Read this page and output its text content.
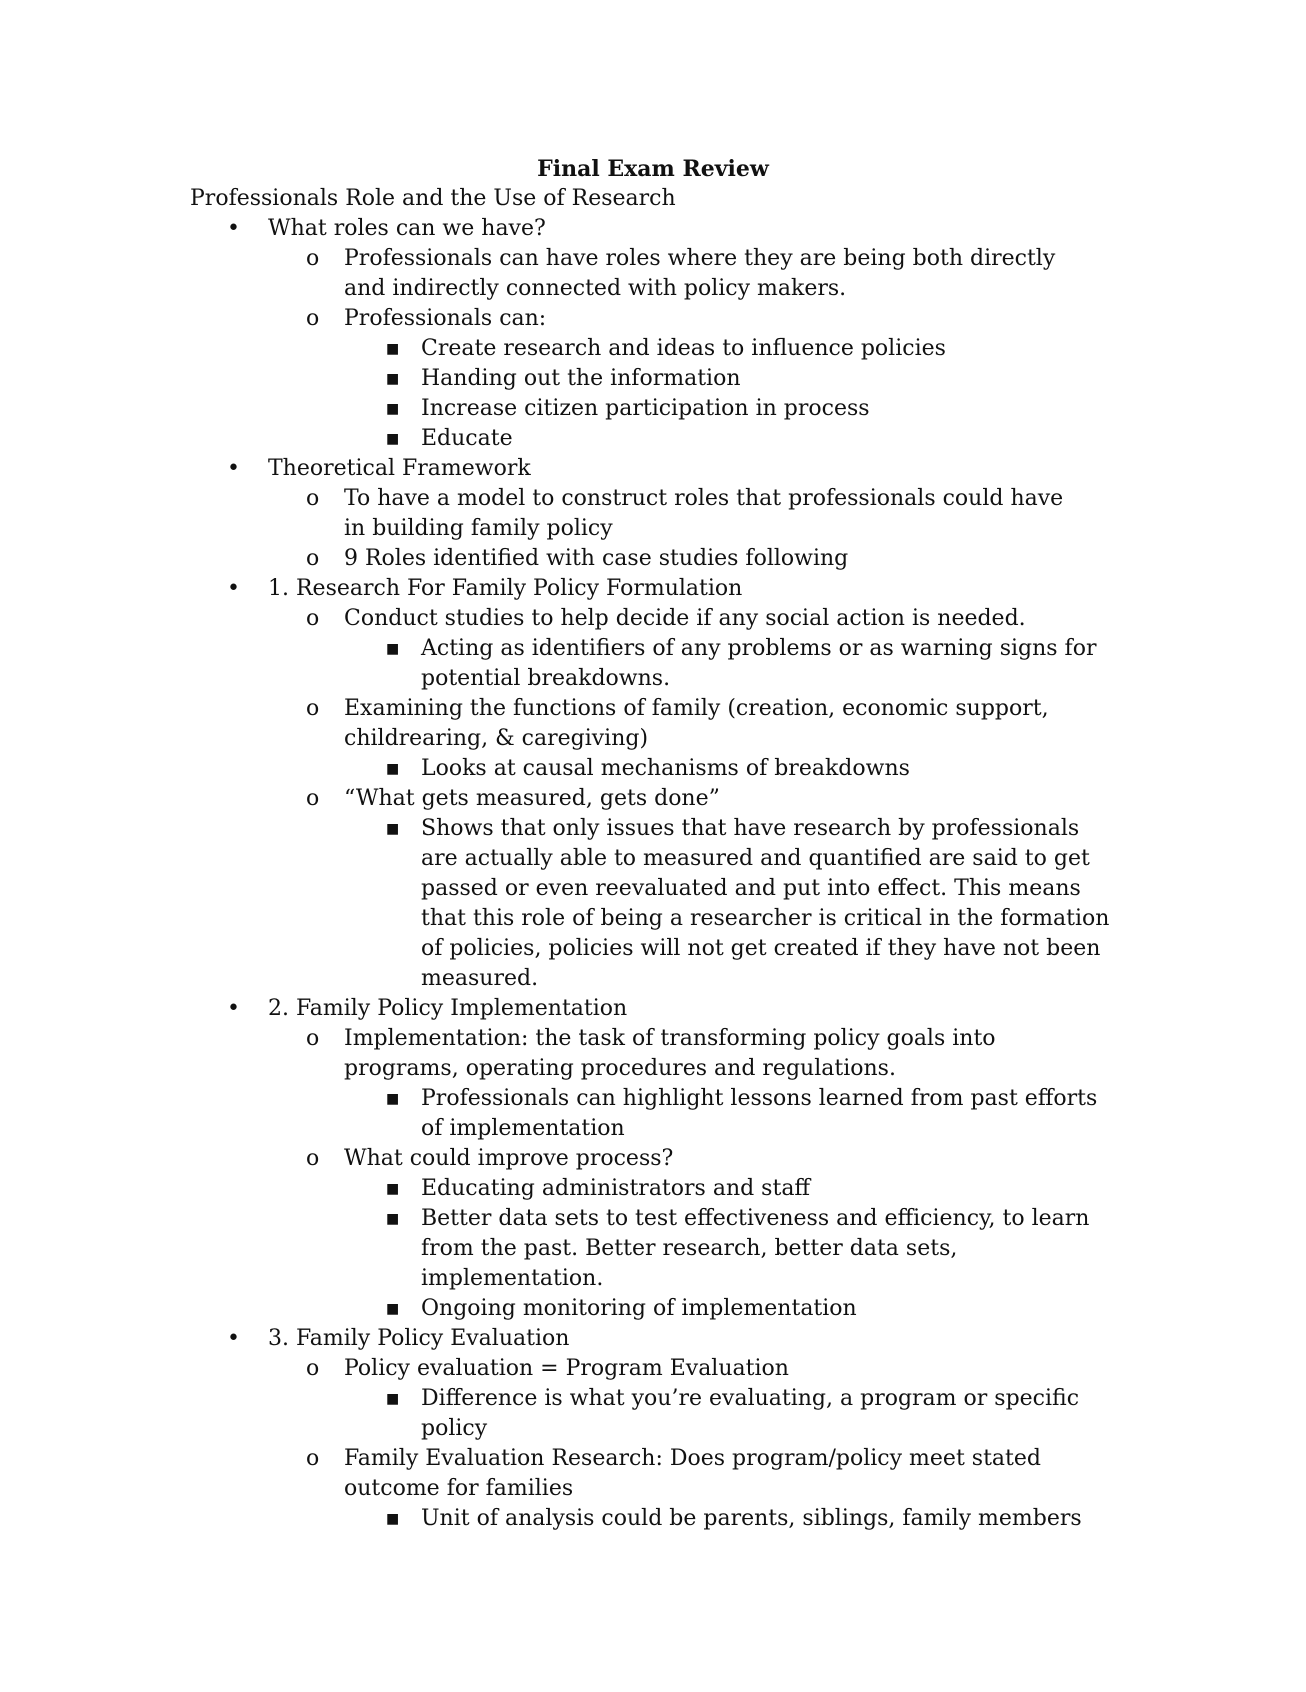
Final Exam Review
Professionals Role and the Use of Research
• What roles can we have?
o Professionals can have roles where they are being both directly and indirectly connected with policy makers.
o Professionals can:
■ Create research and ideas to influence policies
■ Handing out the information
■ Increase citizen participation in process
■ Educate
• Theoretical Framework
o To have a model to construct roles that professionals could have in building family policy
o 9 Roles identified with case studies following
• 1. Research For Family Policy Formulation
o Conduct studies to help decide if any social action is needed.
■ Acting as identifiers of any problems or as warning signs for potential breakdowns.
o Examining the functions of family (creation, economic support, childrearing, & caregiving)
■ Looks at causal mechanisms of breakdowns
o “What gets measured, gets done”
■ Shows that only issues that have research by professionals are actually able to measured and quantified are said to get passed or even reevaluated and put into effect. This means that this role of being a researcher is critical in the formation of policies, policies will not get created if they have not been measured.
• 2. Family Policy Implementation
o Implementation: the task of transforming policy goals into programs, operating procedures and regulations.
■ Professionals can highlight lessons learned from past efforts of implementation
o What could improve process?
■ Educating administrators and staff
■ Better data sets to test effectiveness and efficiency, to learn from the past. Better research, better data sets, implementation.
■ Ongoing monitoring of implementation
• 3. Family Policy Evaluation
o Policy evaluation = Program Evaluation
■ Difference is what you’re evaluating, a program or specific policy
o Family Evaluation Research: Does program/policy meet stated outcome for families
■ Unit of analysis could be parents, siblings, family members
